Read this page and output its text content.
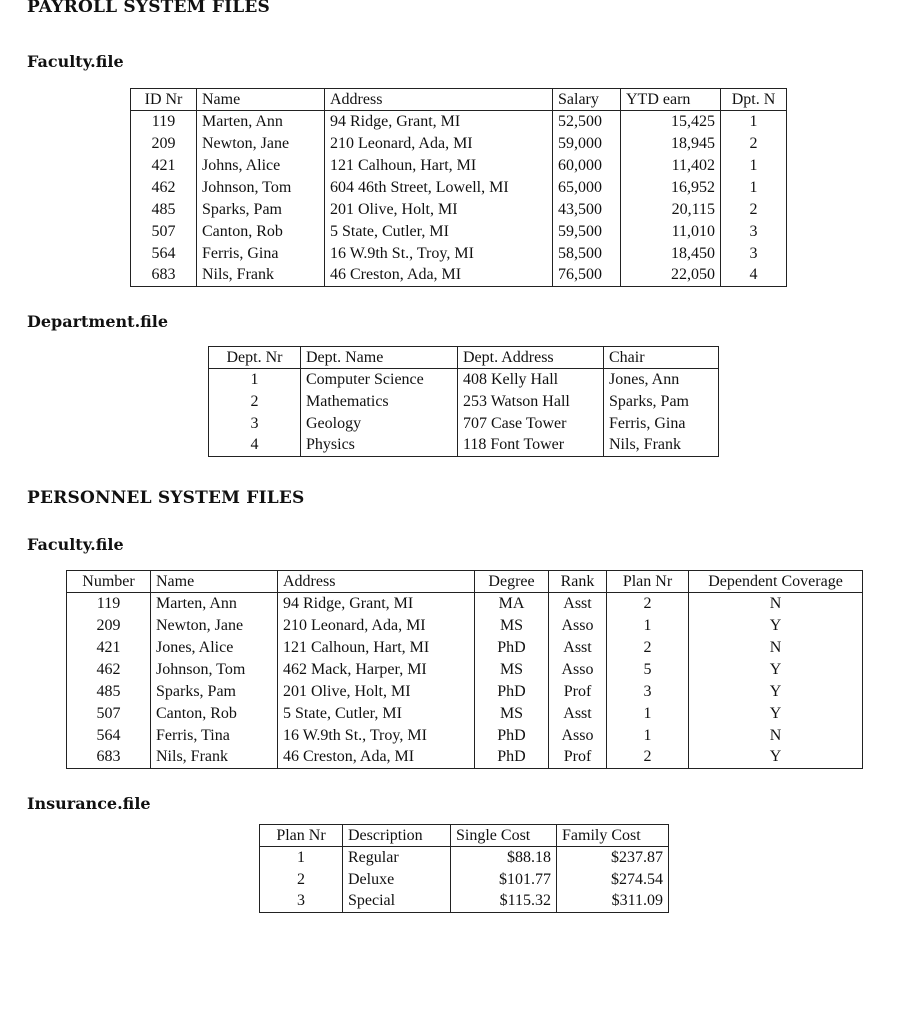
PAYROLL SYSTEM FILES
Faculty.file
ID Nr	Name	Address	Salary	YTD earn	Dpt. N
119	Marten, Ann	94 Ridge, Grant, MI	52,500	15,425	1
209	Newton, Jane	210 Leonard, Ada, MI	59,000	18,945	2
421	Johns, Alice	121 Calhoun, Hart, MI	60,000	11,402	1
462	Johnson, Tom	604 46th Street, Lowell, MI	65,000	16,952	1
485	Sparks, Pam	201 Olive, Holt, MI	43,500	20,115	2
507	Canton, Rob	5 State, Cutler, MI	59,500	11,010	3
564	Ferris, Gina	16 W.9th St., Troy, MI	58,500	18,450	3
683	Nils, Frank	46 Creston, Ada, MI	76,500	22,050	4
Department.file
Dept. Nr	Dept. Name	Dept. Address	Chair
1	Computer Science	408 Kelly Hall	Jones, Ann
2	Mathematics	253 Watson Hall	Sparks, Pam
3	Geology	707 Case Tower	Ferris, Gina
4	Physics	118 Font Tower	Nils, Frank
PERSONNEL SYSTEM FILES
Faculty.file
Number	Name	Address	Degree	Rank	Plan Nr	Dependent Coverage
119	Marten, Ann	94 Ridge, Grant, MI	MA	Asst	2	N
209	Newton, Jane	210 Leonard, Ada, MI	MS	Asso	1	Y
421	Jones, Alice	121 Calhoun, Hart, MI	PhD	Asst	2	N
462	Johnson, Tom	462 Mack, Harper, MI	MS	Asso	5	Y
485	Sparks, Pam	201 Olive, Holt, MI	PhD	Prof	3	Y
507	Canton, Rob	5 State, Cutler, MI	MS	Asst	1	Y
564	Ferris, Tina	16 W.9th St., Troy, MI	PhD	Asso	1	N
683	Nils, Frank	46 Creston, Ada, MI	PhD	Prof	2	Y
Insurance.file
Plan Nr	Description	Single Cost	Family Cost
1	Regular	$88.18	$237.87
2	Deluxe	$101.77	$274.54
3	Special	$115.32	$311.09
